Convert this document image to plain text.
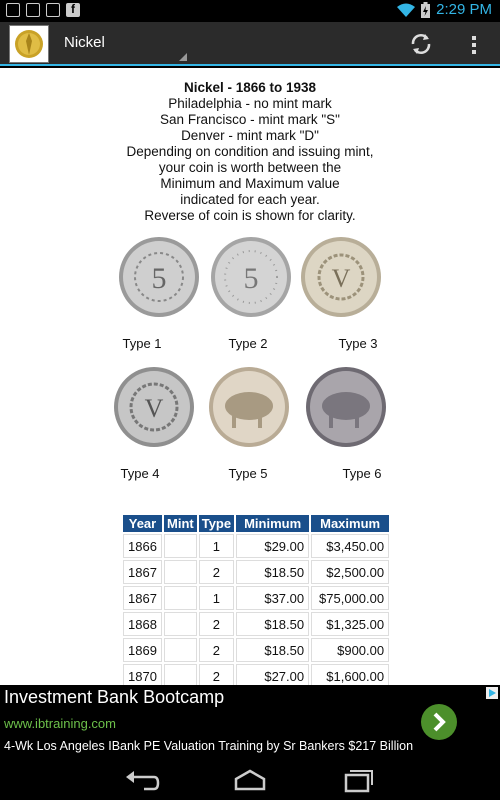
f	2:29 PM
Nickel
Nickel - 1866 to 1938
Philadelphia - no mint mark
San Francisco - mint mark "S"
Denver - mint mark "D"
Depending on condition and issuing mint,
your coin is worth between the
Minimum and Maximum value
indicated for each year.
Reverse of coin is shown for clarity.
5	5	V
Type 1	Type 2	Type 3
V
Type 4	Type 5	Type 6
Year	Mint	Type	Minimum	Maximum
1866		1	$29.00	$3,450.00
1867		2	$18.50	$2,500.00
1867		1	$37.00	$75,000.00
1868		2	$18.50	$1,325.00
1869		2	$18.50	$900.00
1870		2	$27.00	$1,600.00
Investment Bank Bootcamp
www.ibtraining.com
4-Wk Los Angeles IBank PE Valuation Training by Sr Bankers $217 Billion
